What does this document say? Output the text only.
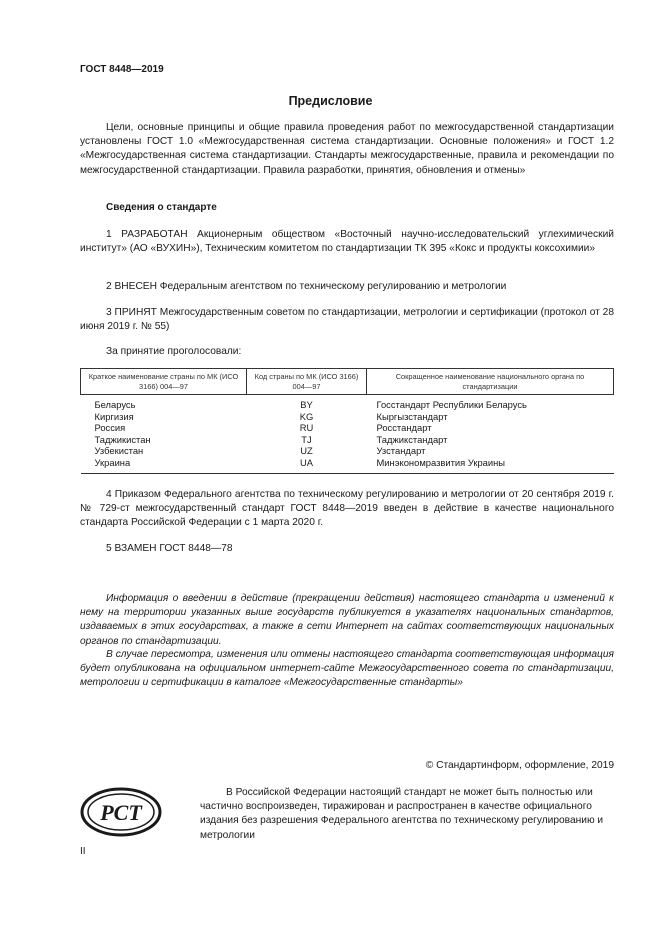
ГОСТ 8448—2019
Предисловие
Цели, основные принципы и общие правила проведения работ по межгосударственной стандартизации установлены ГОСТ 1.0 «Межгосударственная система стандартизации. Основные положения» и ГОСТ 1.2 «Межгосударственная система стандартизации. Стандарты межгосударственные, правила и рекомендации по межгосударственной стандартизации. Правила разработки, принятия, обновления и отмены»
Сведения о стандарте
1 РАЗРАБОТАН Акционерным обществом «Восточный научно-исследовательский углехимический институт» (АО «ВУХИН»), Техническим комитетом по стандартизации ТК 395 «Кокс и продукты коксохимии»
2 ВНЕСЕН Федеральным агентством по техническому регулированию и метрологии
3 ПРИНЯТ Межгосударственным советом по стандартизации, метрологии и сертификации (протокол от 28 июня 2019 г. № 55)
За принятие проголосовали:
Краткое наименование страны по МК (ИСО 3166) 004—97	Код страны по МК (ИСО 3166) 004—97	Сокращенное наименование национального органа по стандартизации
Беларусь	BY	Госстандарт Республики Беларусь
Киргизия	KG	Кыргызстандарт
Россия	RU	Росстандарт
Таджикистан	TJ	Таджикстандарт
Узбекистан	UZ	Узстандарт
Украина	UA	Минэкономразвития Украины
4 Приказом Федерального агентства по техническому регулированию и метрологии от 20 сентября 2019 г. № 729-ст межгосударственный стандарт ГОСТ 8448—2019 введен в действие в качестве национального стандарта Российской Федерации с 1 марта 2020 г.
5 ВЗАМЕН ГОСТ 8448—78
Информация о введении в действие (прекращении действия) настоящего стандарта и изменений к нему на территории указанных выше государств публикуется в указателях национальных стандартов, издаваемых в этих государствах, а также в сети Интернет на сайтах соответствующих национальных органов по стандартизации.
В случае пересмотра, изменения или отмены настоящего стандарта соответствующая информация будет опубликована на официальном интернет-сайте Межгосударственного совета по стандартизации, метрологии и сертификации в каталоге «Межгосударственные стандарты»
© Стандартинформ, оформление, 2019
РСТ
В Российской Федерации настоящий стандарт не может быть полностью или частично воспроизведен, тиражирован и распространен в качестве официального издания без разрешения Федерального агентства по техническому регулированию и метрологии
II
